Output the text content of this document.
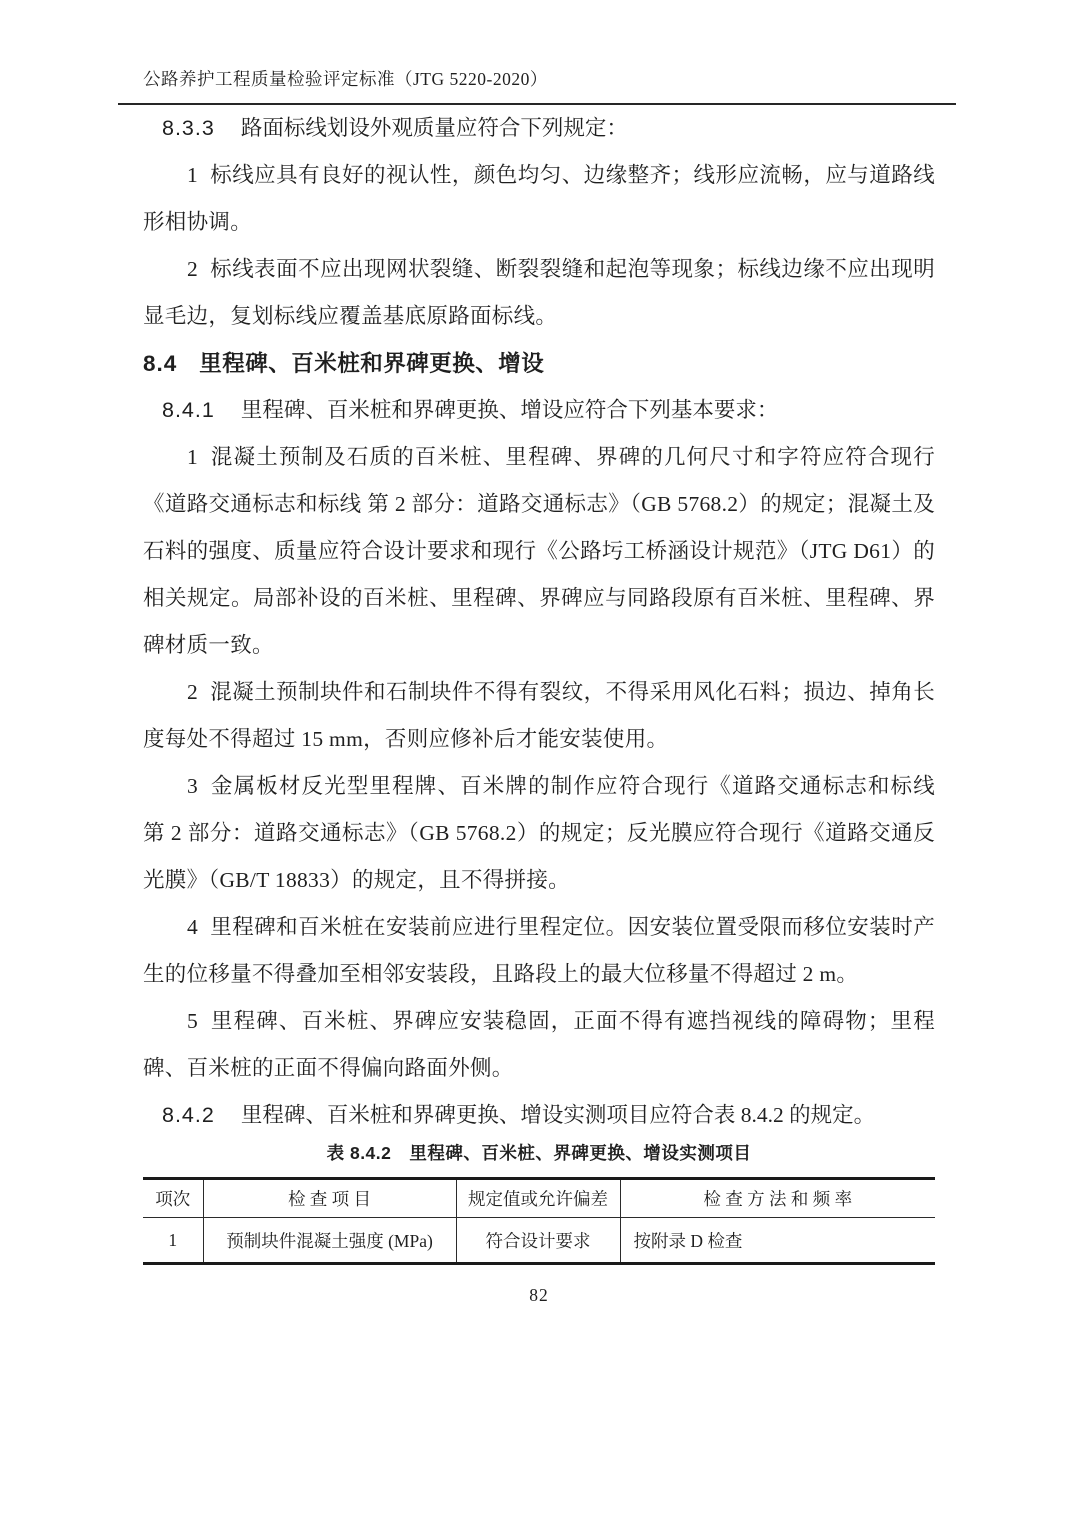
公路养护工程质量检验评定标准（JTG 5220-2020）

8.3.3 路面标线划设外观质量应符合下列规定：

1 标线应具有良好的视认性，颜色均匀、边缘整齐；线形应流畅，应与道路线形相协调。

2 标线表面不应出现网状裂缝、断裂裂缝和起泡等现象；标线边缘不应出现明显毛边，复划标线应覆盖基底原路面标线。

8.4 里程碑、百米桩和界碑更换、增设

8.4.1 里程碑、百米桩和界碑更换、增设应符合下列基本要求：

1 混凝土预制及石质的百米桩、里程碑、界碑的几何尺寸和字符应符合现行《道路交通标志和标线 第 2 部分：道路交通标志》（GB 5768.2）的规定；混凝土及石料的强度、质量应符合设计要求和现行《公路圬工桥涵设计规范》（JTG D61）的相关规定。局部补设的百米桩、里程碑、界碑应与同路段原有百米桩、里程碑、界碑材质一致。

2 混凝土预制块件和石制块件不得有裂纹，不得采用风化石料；损边、掉角长度每处不得超过 15 mm，否则应修补后才能安装使用。

3 金属板材反光型里程牌、百米牌的制作应符合现行《道路交通标志和标线 第 2 部分：道路交通标志》（GB 5768.2）的规定；反光膜应符合现行《道路交通反光膜》（GB/T 18833）的规定，且不得拼接。

4 里程碑和百米桩在安装前应进行里程定位。因安装位置受限而移位安装时产生的位移量不得叠加至相邻安装段，且路段上的最大位移量不得超过 2 m。

5 里程碑、百米桩、界碑应安装稳固，正面不得有遮挡视线的障碍物；里程碑、百米桩的正面不得偏向路面外侧。

8.4.2 里程碑、百米桩和界碑更换、增设实测项目应符合表 8.4.2 的规定。

表 8.4.2　里程碑、百米桩、界碑更换、增设实测项目
项次	检 查 项 目	规定值或允许偏差	检 查 方 法 和 频 率
1	预制块件混凝土强度 (MPa)	符合设计要求	按附录 D 检查
82
